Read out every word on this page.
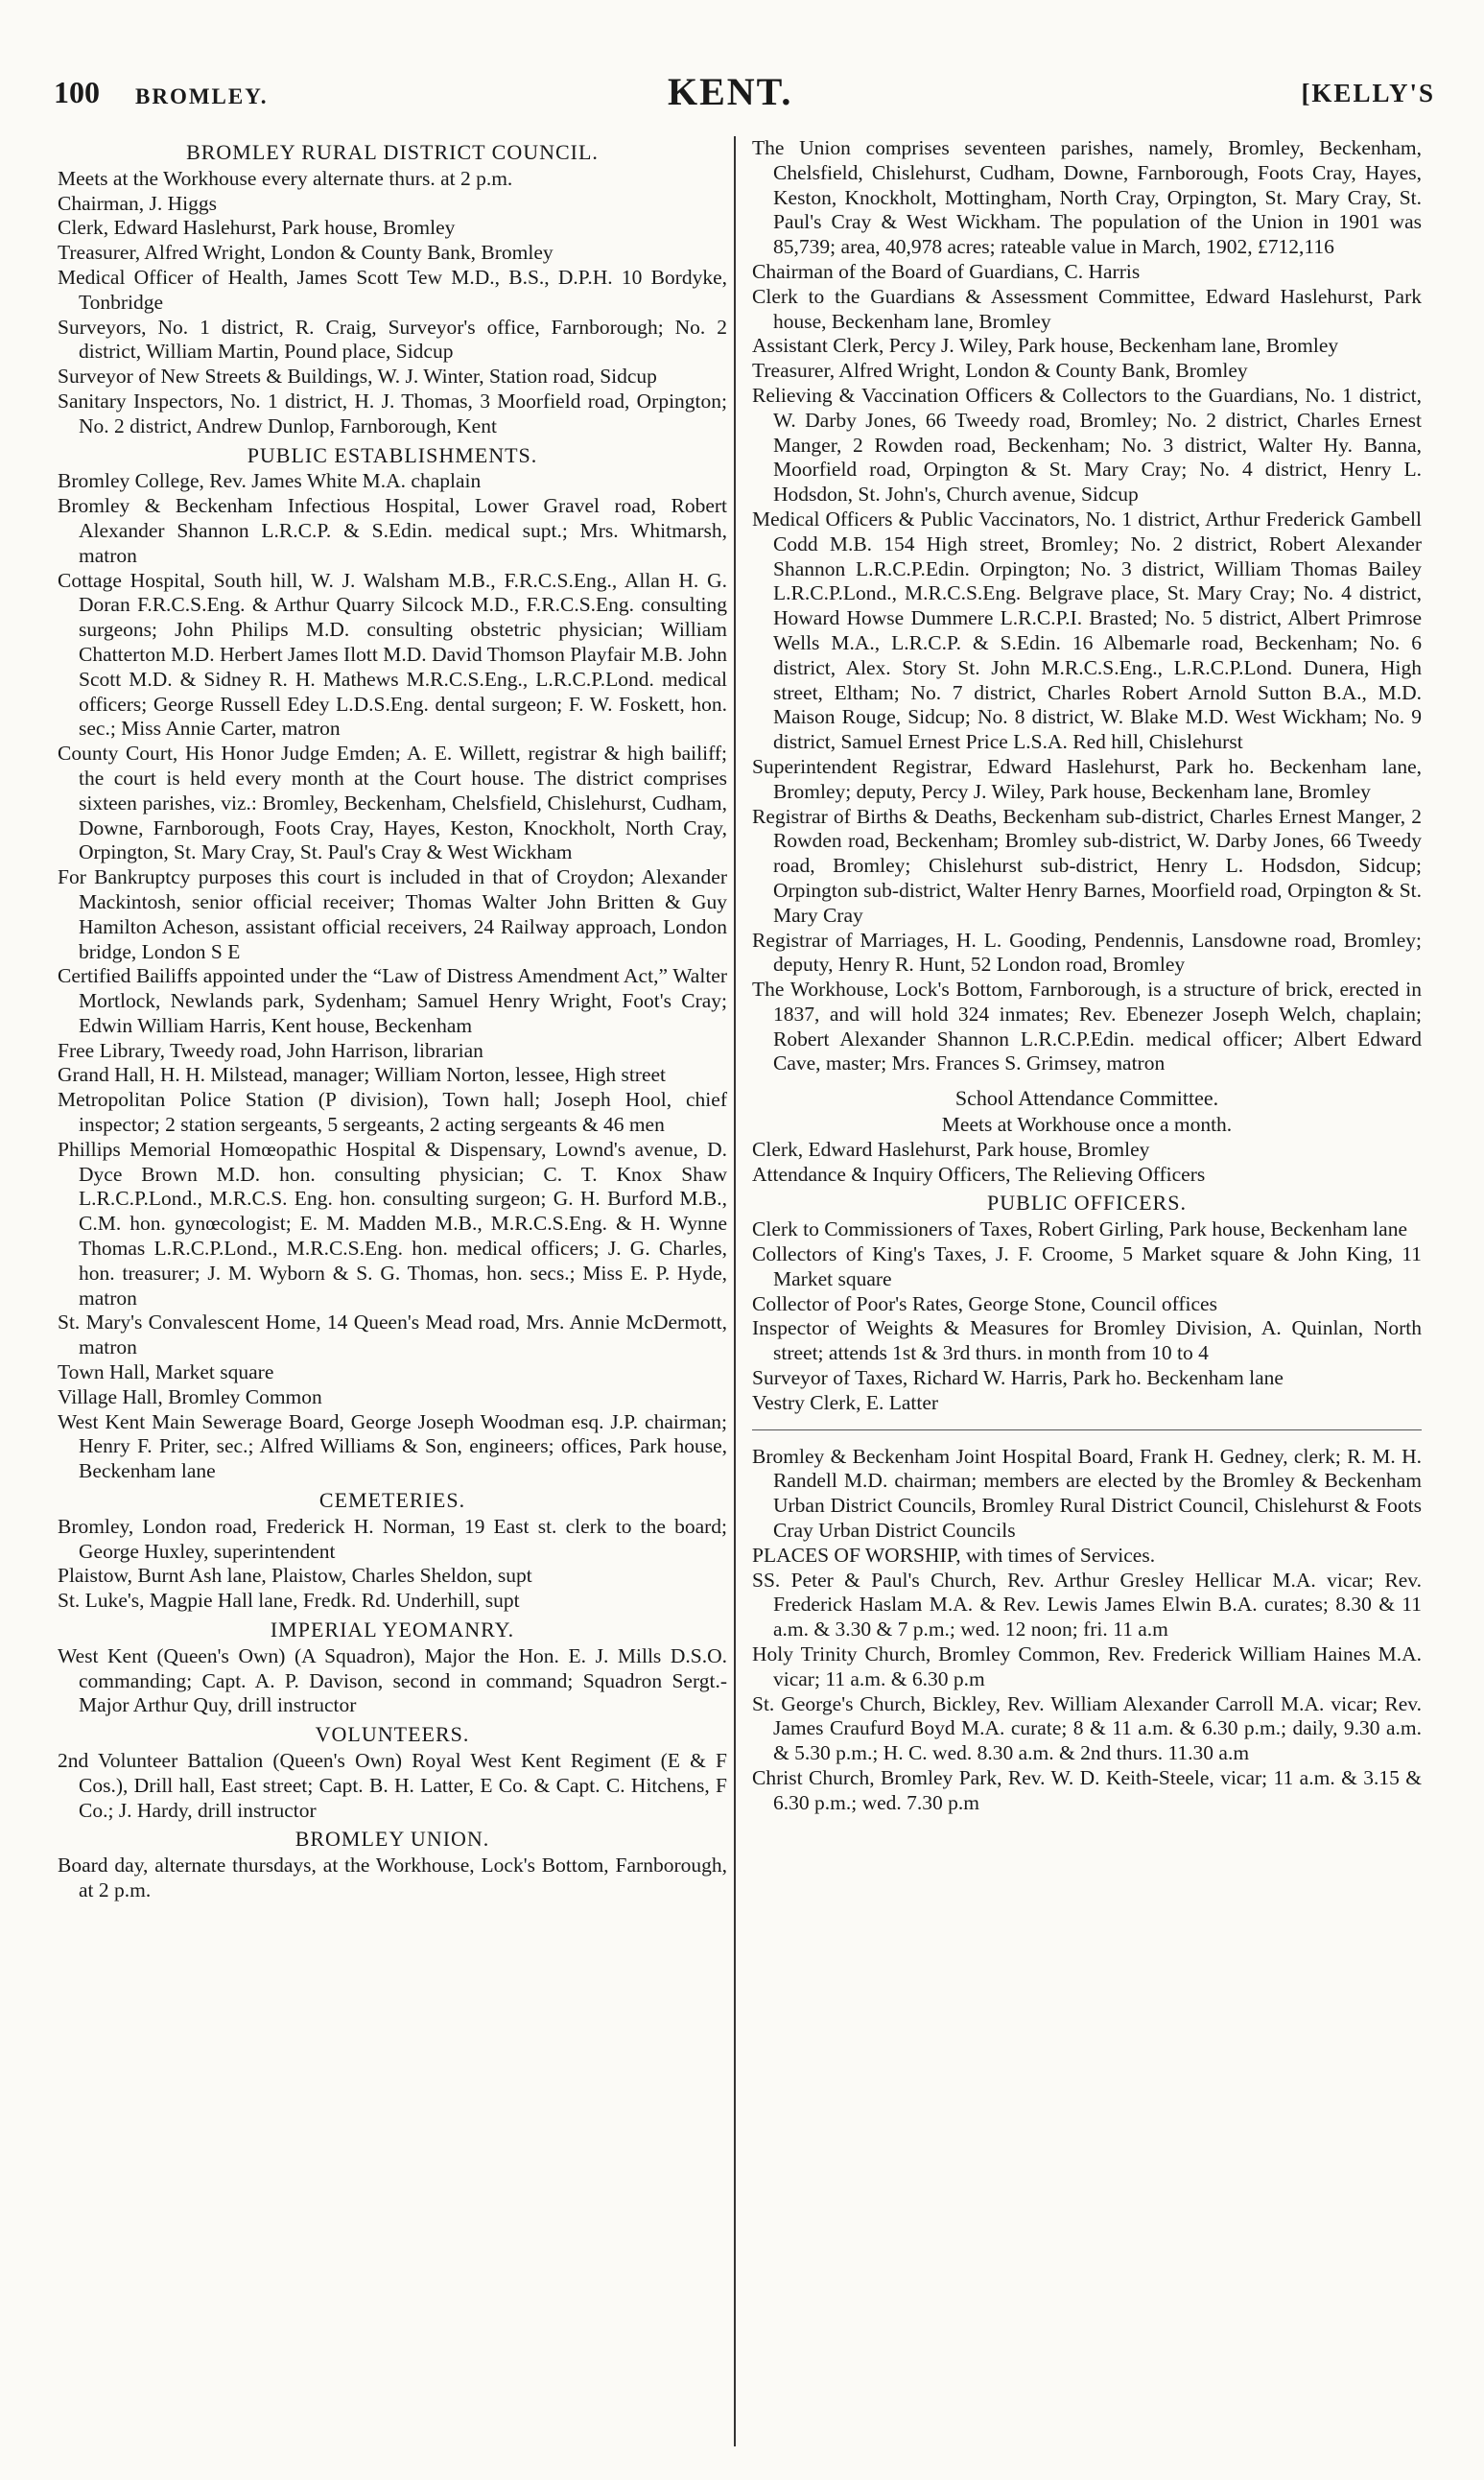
100 BROMLEY.	KENT.	[KELLY'S

BROMLEY RURAL DISTRICT COUNCIL.

Meets at the Workhouse every alternate thurs. at 2 p.m.

Chairman, J. Higgs

Clerk, Edward Haslehurst, Park house, Bromley

Treasurer, Alfred Wright, London & County Bank, Bromley

Medical Officer of Health, James Scott Tew M.D., B.S., D.P.H. 10 Bordyke, Tonbridge

Surveyors, No. 1 district, R. Craig, Surveyor's office, Farnborough; No. 2 district, William Martin, Pound place, Sidcup

Surveyor of New Streets & Buildings, W. J. Winter, Station road, Sidcup

Sanitary Inspectors, No. 1 district, H. J. Thomas, 3 Moorfield road, Orpington; No. 2 district, Andrew Dunlop, Farnborough, Kent

PUBLIC ESTABLISHMENTS.

Bromley College, Rev. James White M.A. chaplain

Bromley & Beckenham Infectious Hospital, Lower Gravel road, Robert Alexander Shannon L.R.C.P. & S.Edin. medical supt.; Mrs. Whitmarsh, matron

Cottage Hospital, South hill, W. J. Walsham M.B., F.R.C.S.Eng., Allan H. G. Doran F.R.C.S.Eng. & Arthur Quarry Silcock M.D., F.R.C.S.Eng. consulting surgeons; John Philips M.D. consulting obstetric physician; William Chatterton M.D. Herbert James Ilott M.D. David Thomson Playfair M.B. John Scott M.D. & Sidney R. H. Mathews M.R.C.S.Eng., L.R.C.P.Lond. medical officers; George Russell Edey L.D.S.Eng. dental surgeon; F. W. Foskett, hon. sec.; Miss Annie Carter, matron

County Court, His Honor Judge Emden; A. E. Willett, registrar & high bailiff; the court is held every month at the Court house. The district comprises sixteen parishes, viz.: Bromley, Beckenham, Chelsfield, Chislehurst, Cudham, Downe, Farnborough, Foots Cray, Hayes, Keston, Knockholt, North Cray, Orpington, St. Mary Cray, St. Paul's Cray & West Wickham

For Bankruptcy purposes this court is included in that of Croydon; Alexander Mackintosh, senior official receiver; Thomas Walter John Britten & Guy Hamilton Acheson, assistant official receivers, 24 Railway approach, London bridge, London S E

Certified Bailiffs appointed under the “Law of Distress Amendment Act,” Walter Mortlock, Newlands park, Sydenham; Samuel Henry Wright, Foot's Cray; Edwin William Harris, Kent house, Beckenham

Free Library, Tweedy road, John Harrison, librarian

Grand Hall, H. H. Milstead, manager; William Norton, lessee, High street

Metropolitan Police Station (P division), Town hall; Joseph Hool, chief inspector; 2 station sergeants, 5 sergeants, 2 acting sergeants & 46 men

Phillips Memorial Homœopathic Hospital & Dispensary, Lownd's avenue, D. Dyce Brown M.D. hon. consulting physician; C. T. Knox Shaw L.R.C.P.Lond., M.R.C.S. Eng. hon. consulting surgeon; G. H. Burford M.B., C.M. hon. gynœcologist; E. M. Madden M.B., M.R.C.S.Eng. & H. Wynne Thomas L.R.C.P.Lond., M.R.C.S.Eng. hon. medical officers; J. G. Charles, hon. treasurer; J. M. Wyborn & S. G. Thomas, hon. secs.; Miss E. P. Hyde, matron

St. Mary's Convalescent Home, 14 Queen's Mead road, Mrs. Annie McDermott, matron

Town Hall, Market square

Village Hall, Bromley Common

West Kent Main Sewerage Board, George Joseph Woodman esq. J.P. chairman; Henry F. Priter, sec.; Alfred Williams & Son, engineers; offices, Park house, Beckenham lane

CEMETERIES.

Bromley, London road, Frederick H. Norman, 19 East st. clerk to the board; George Huxley, superintendent

Plaistow, Burnt Ash lane, Plaistow, Charles Sheldon, supt

St. Luke's, Magpie Hall lane, Fredk. Rd. Underhill, supt

IMPERIAL YEOMANRY.

West Kent (Queen's Own) (A Squadron), Major the Hon. E. J. Mills D.S.O. commanding; Capt. A. P. Davison, second in command; Squadron Sergt.-Major Arthur Quy, drill instructor

VOLUNTEERS.

2nd Volunteer Battalion (Queen's Own) Royal West Kent Regiment (E & F Cos.), Drill hall, East street; Capt. B. H. Latter, E Co. & Capt. C. Hitchens, F Co.; J. Hardy, drill instructor

BROMLEY UNION.

Board day, alternate thursdays, at the Workhouse, Lock's Bottom, Farnborough, at 2 p.m.

The Union comprises seventeen parishes, namely, Bromley, Beckenham, Chelsfield, Chislehurst, Cudham, Downe, Farnborough, Foots Cray, Hayes, Keston, Knockholt, Mottingham, North Cray, Orpington, St. Mary Cray, St. Paul's Cray & West Wickham. The population of the Union in 1901 was 85,739; area, 40,978 acres; rateable value in March, 1902, £712,116

Chairman of the Board of Guardians, C. Harris

Clerk to the Guardians & Assessment Committee, Edward Haslehurst, Park house, Beckenham lane, Bromley

Assistant Clerk, Percy J. Wiley, Park house, Beckenham lane, Bromley

Treasurer, Alfred Wright, London & County Bank, Bromley

Relieving & Vaccination Officers & Collectors to the Guardians, No. 1 district, W. Darby Jones, 66 Tweedy road, Bromley; No. 2 district, Charles Ernest Manger, 2 Rowden road, Beckenham; No. 3 district, Walter Hy. Banna, Moorfield road, Orpington & St. Mary Cray; No. 4 district, Henry L. Hodsdon, St. John's, Church avenue, Sidcup

Medical Officers & Public Vaccinators, No. 1 district, Arthur Frederick Gambell Codd M.B. 154 High street, Bromley; No. 2 district, Robert Alexander Shannon L.R.C.P.Edin. Orpington; No. 3 district, William Thomas Bailey L.R.C.P.Lond., M.R.C.S.Eng. Belgrave place, St. Mary Cray; No. 4 district, Howard Howse Dummere L.R.C.P.I. Brasted; No. 5 district, Albert Primrose Wells M.A., L.R.C.P. & S.Edin. 16 Albemarle road, Beckenham; No. 6 district, Alex. Story St. John M.R.C.S.Eng., L.R.C.P.Lond. Dunera, High street, Eltham; No. 7 district, Charles Robert Arnold Sutton B.A., M.D. Maison Rouge, Sidcup; No. 8 district, W. Blake M.D. West Wickham; No. 9 district, Samuel Ernest Price L.S.A. Red hill, Chislehurst

Superintendent Registrar, Edward Haslehurst, Park ho. Beckenham lane, Bromley; deputy, Percy J. Wiley, Park house, Beckenham lane, Bromley

Registrar of Births & Deaths, Beckenham sub-district, Charles Ernest Manger, 2 Rowden road, Beckenham; Bromley sub-district, W. Darby Jones, 66 Tweedy road, Bromley; Chislehurst sub-district, Henry L. Hodsdon, Sidcup; Orpington sub-district, Walter Henry Barnes, Moorfield road, Orpington & St. Mary Cray

Registrar of Marriages, H. L. Gooding, Pendennis, Lansdowne road, Bromley; deputy, Henry R. Hunt, 52 London road, Bromley

The Workhouse, Lock's Bottom, Farnborough, is a structure of brick, erected in 1837, and will hold 324 inmates; Rev. Ebenezer Joseph Welch, chaplain; Robert Alexander Shannon L.R.C.P.Edin. medical officer; Albert Edward Cave, master; Mrs. Frances S. Grimsey, matron

School Attendance Committee.

Meets at Workhouse once a month.

Clerk, Edward Haslehurst, Park house, Bromley

Attendance & Inquiry Officers, The Relieving Officers

PUBLIC OFFICERS.

Clerk to Commissioners of Taxes, Robert Girling, Park house, Beckenham lane

Collectors of King's Taxes, J. F. Croome, 5 Market square & John King, 11 Market square

Collector of Poor's Rates, George Stone, Council offices

Inspector of Weights & Measures for Bromley Division, A. Quinlan, North street; attends 1st & 3rd thurs. in month from 10 to 4

Surveyor of Taxes, Richard W. Harris, Park ho. Beckenham lane

Vestry Clerk, E. Latter

Bromley & Beckenham Joint Hospital Board, Frank H. Gedney, clerk; R. M. H. Randell M.D. chairman; members are elected by the Bromley & Beckenham Urban District Councils, Bromley Rural District Council, Chislehurst & Foots Cray Urban District Councils

PLACES OF WORSHIP, with times of Services.

SS. Peter & Paul's Church, Rev. Arthur Gresley Hellicar M.A. vicar; Rev. Frederick Haslam M.A. & Rev. Lewis James Elwin B.A. curates; 8.30 & 11 a.m. & 3.30 & 7 p.m.; wed. 12 noon; fri. 11 a.m

Holy Trinity Church, Bromley Common, Rev. Frederick William Haines M.A. vicar; 11 a.m. & 6.30 p.m

St. George's Church, Bickley, Rev. William Alexander Carroll M.A. vicar; Rev. James Craufurd Boyd M.A. curate; 8 & 11 a.m. & 6.30 p.m.; daily, 9.30 a.m. & 5.30 p.m.; H. C. wed. 8.30 a.m. & 2nd thurs. 11.30 a.m

Christ Church, Bromley Park, Rev. W. D. Keith-Steele, vicar; 11 a.m. & 3.15 & 6.30 p.m.; wed. 7.30 p.m
